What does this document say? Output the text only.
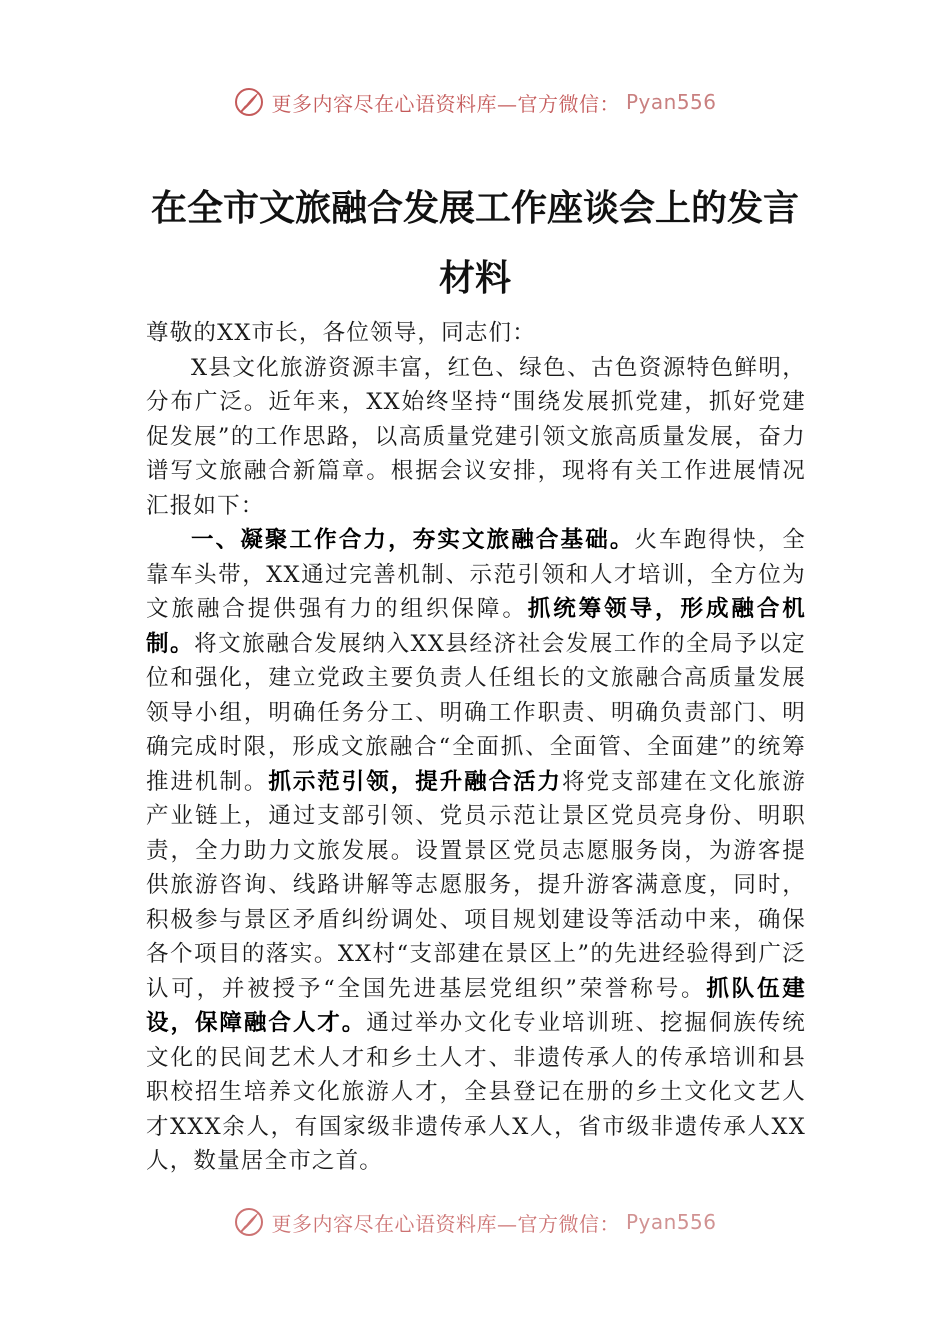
更多内容尽在心语资料库—官方微信： Pyan556
在全市文旅融合发展工作座谈会上的发言
材料

尊敬的XX市长，各位领导，同志们：

X县文化旅游资源丰富，红色、绿色、古色资源特色鲜明，分布广泛。近年来，XX始终坚持“围绕发展抓党建，抓好党建促发展”的工作思路，以高质量党建引领文旅高质量发展，奋力谱写文旅融合新篇章。根据会议安排，现将有关工作进展情况汇报如下：

一、凝聚工作合力，夯实文旅融合基础。火车跑得快，全靠车头带，XX通过完善机制、示范引领和人才培训，全方位为文旅融合提供强有力的组织保障。抓统筹领导，形成融合机制。将文旅融合发展纳入XX县经济社会发展工作的全局予以定位和强化，建立党政主要负责人任组长的文旅融合高质量发展领导小组，明确任务分工、明确工作职责、明确负责部门、明确完成时限，形成文旅融合“全面抓、全面管、全面建”的统筹推进机制。抓示范引领，提升融合活力将党支部建在文化旅游产业链上，通过支部引领、党员示范让景区党员亮身份、明职责，全力助力文旅发展。设置景区党员志愿服务岗，为游客提供旅游咨询、线路讲解等志愿服务，提升游客满意度，同时，积极参与景区矛盾纠纷调处、项目规划建设等活动中来，确保各个项目的落实。XX村“支部建在景区上”的先进经验得到广泛认可，并被授予“全国先进基层党组织”荣誉称号。抓队伍建设，保障融合人才。通过举办文化专业培训班、挖掘侗族传统文化的民间艺术人才和乡土人才、非遗传承人的传承培训和县职校招生培养文化旅游人才，全县登记在册的乡土文化文艺人才XXX余人，有国家级非遗传承人X人，省市级非遗传承人XX人，数量居全市之首。

更多内容尽在心语资料库—官方微信： Pyan556
